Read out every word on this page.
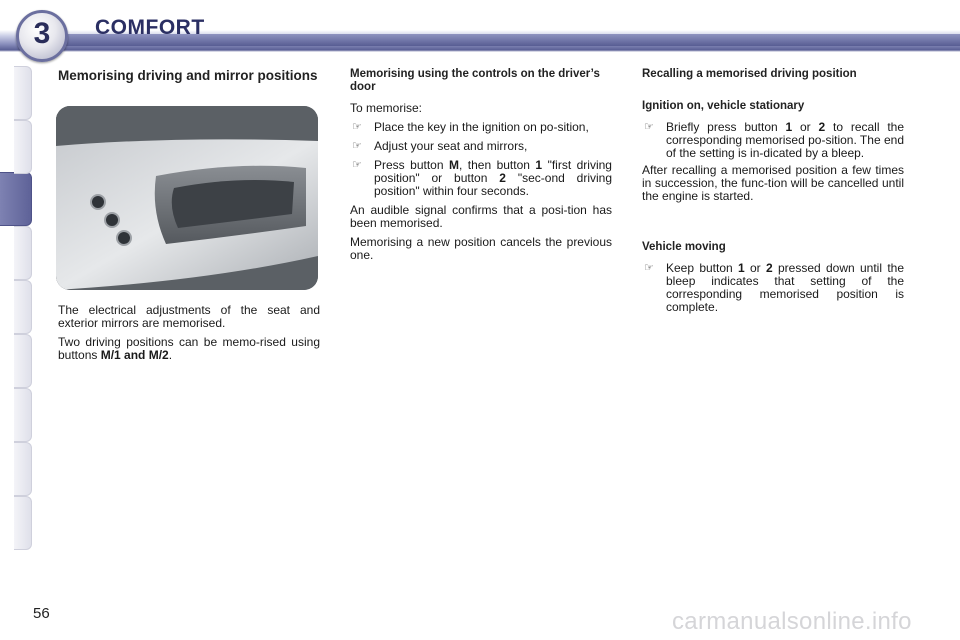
3	COMFORT

Memorising driving and mirror positions

The electrical adjustments of the seat and exterior mirrors are memorised.

Two driving positions can be memo-rised using buttons M/1 and M/2.

Memorising using the controls on the driver’s door

To memorise:

☞ Place the key in the ignition on po-sition,
☞ Adjust your seat and mirrors,
☞ Press button M, then button 1 "first driving position" or button 2 "sec-ond driving position" within four seconds.

An audible signal confirms that a posi-tion has been memorised.

Memorising a new position cancels the previous one.

Recalling a memorised driving position

Ignition on, vehicle stationary

☞ Briefly press button 1 or 2 to recall the corresponding memorised po-sition. The end of the setting is in-dicated by a bleep.

After recalling a memorised position a few times in succession, the func-tion will be cancelled until the engine is started.

Vehicle moving

☞ Keep button 1 or 2 pressed down until the bleep indicates that setting of the corresponding memorised position is complete.
56	carmanualsonline.info
